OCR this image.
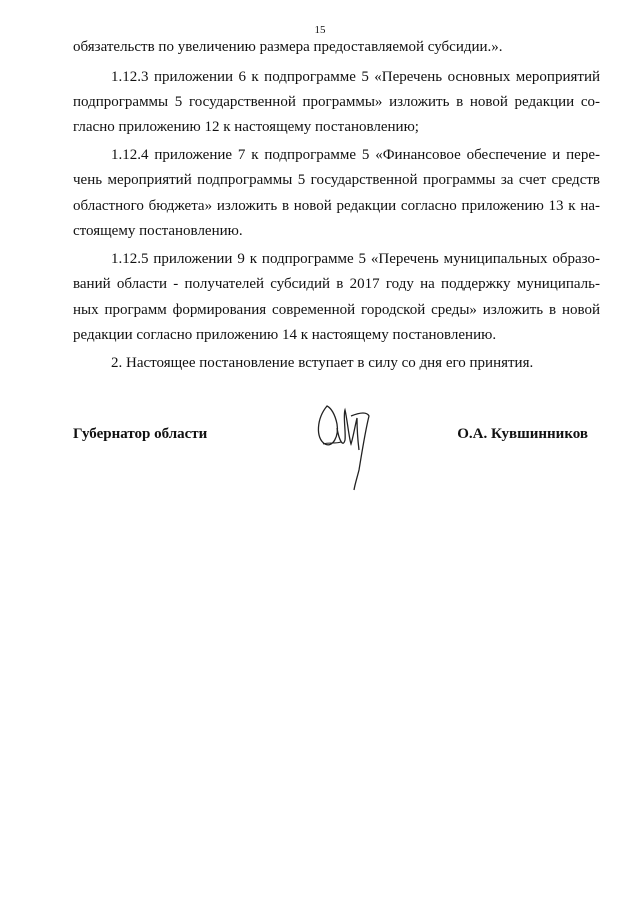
15
обязательств по увеличению размера предоставляемой субсидии.».
1.12.3 приложении 6 к подпрограмме 5 «Перечень основных мероприятий
подпрограммы 5 государственной программы» изложить в новой редакции со-
гласно приложению 12 к настоящему постановлению;
1.12.4 приложение 7 к подпрограмме 5 «Финансовое обеспечение и пере-
чень мероприятий подпрограммы 5 государственной программы за счет средств
областного бюджета» изложить в новой редакции согласно приложению 13 к на-
стоящему постановлению.
1.12.5 приложении 9 к подпрограмме 5 «Перечень муниципальных образо-
ваний области - получателей субсидий в 2017 году на поддержку муниципаль-
ных программ формирования современной городской среды» изложить в новой
редакции согласно приложению 14 к настоящему постановлению.
2. Настоящее постановление вступает в силу со дня его принятия.
Губернатор области	О.А. Кувшинников
